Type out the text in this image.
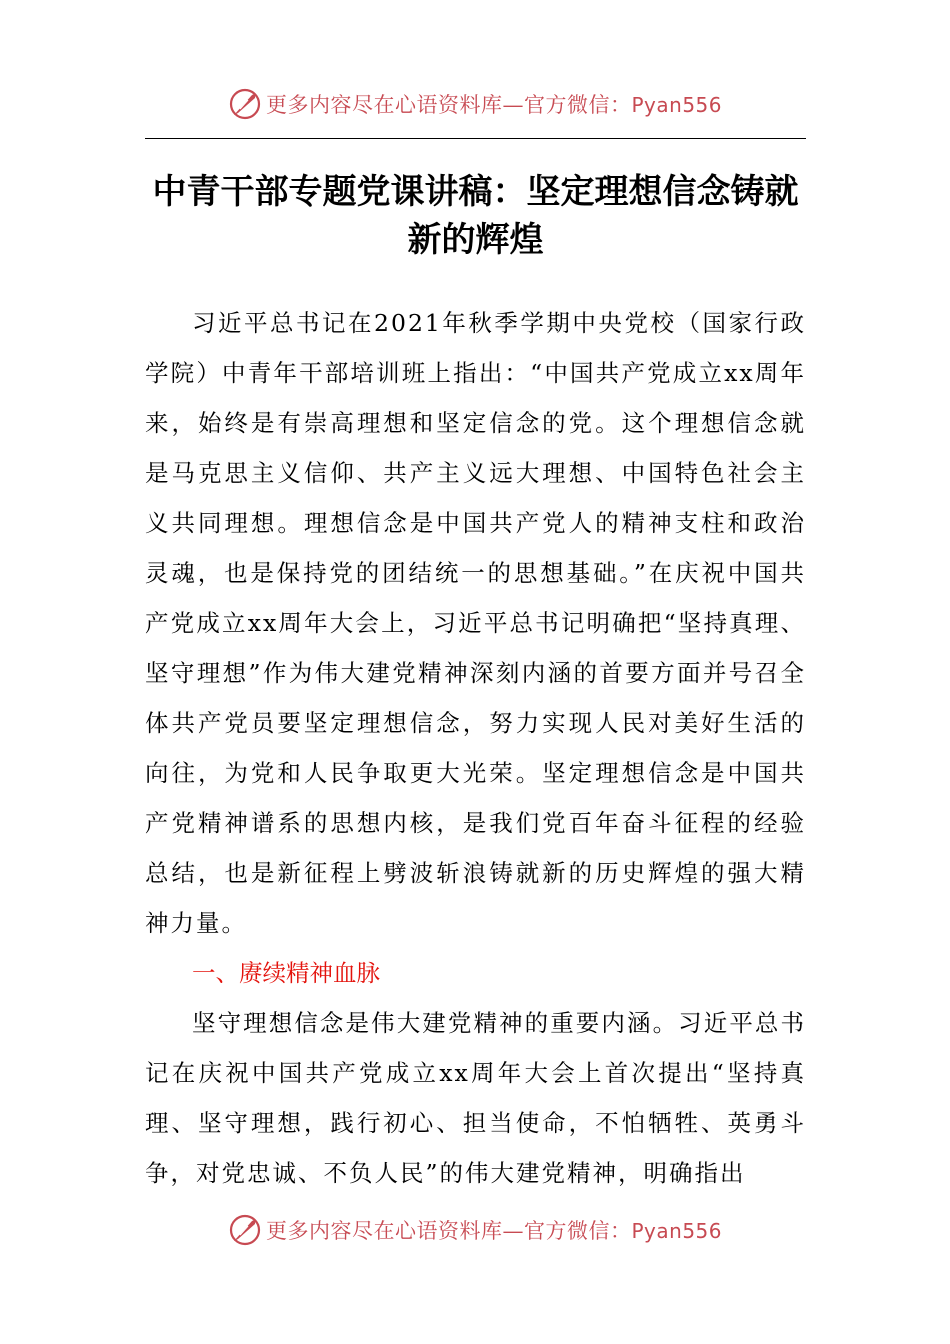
更多内容尽在心语资料库—官方微信：Pyan556
中青干部专题党课讲稿：坚定理想信念铸就新的辉煌

习近平总书记在2021年秋季学期中央党校（国家行政学院）中青年干部培训班上指出：“中国共产党成立xx周年来，始终是有崇高理想和坚定信念的党。这个理想信念就是马克思主义信仰、共产主义远大理想、中国特色社会主义共同理想。理想信念是中国共产党人的精神支柱和政治灵魂，也是保持党的团结统一的思想基础。”在庆祝中国共产党成立xx周年大会上，习近平总书记明确把“坚持真理、坚守理想”作为伟大建党精神深刻内涵的首要方面并号召全体共产党员要坚定理想信念，努力实现人民对美好生活的向往，为党和人民争取更大光荣。坚定理想信念是中国共产党精神谱系的思想内核，是我们党百年奋斗征程的经验总结，也是新征程上劈波斩浪铸就新的历史辉煌的强大精神力量。

一、赓续精神血脉

坚守理想信念是伟大建党精神的重要内涵。习近平总书记在庆祝中国共产党成立xx周年大会上首次提出“坚持真理、坚守理想，践行初心、担当使命，不怕牺牲、英勇斗争，对党忠诚、不负人民”的伟大建党精神，明确指出

更多内容尽在心语资料库—官方微信：Pyan556
